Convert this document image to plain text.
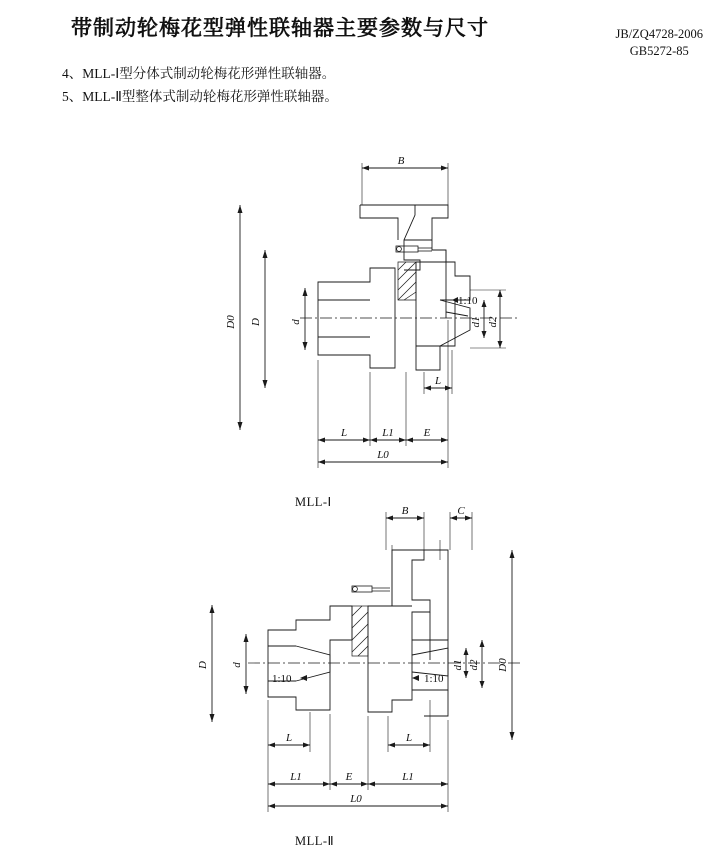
带制动轮梅花型弹性联轴器主要参数与尺寸	JB/ZQ4728-2006
GB5272-85
4、MLL-Ⅰ型分体式制动轮梅花形弹性联轴器。
5、MLL-Ⅱ型整体式制动轮梅花形弹性联轴器。
B
D0 D	d	d1 d2
L
L	L1	E
L0
1:10
B	C
D d	d1 d2 D0
L	L
L1	E	L1
L0
1:10	1:10
MLL-Ⅰ
MLL-Ⅱ
